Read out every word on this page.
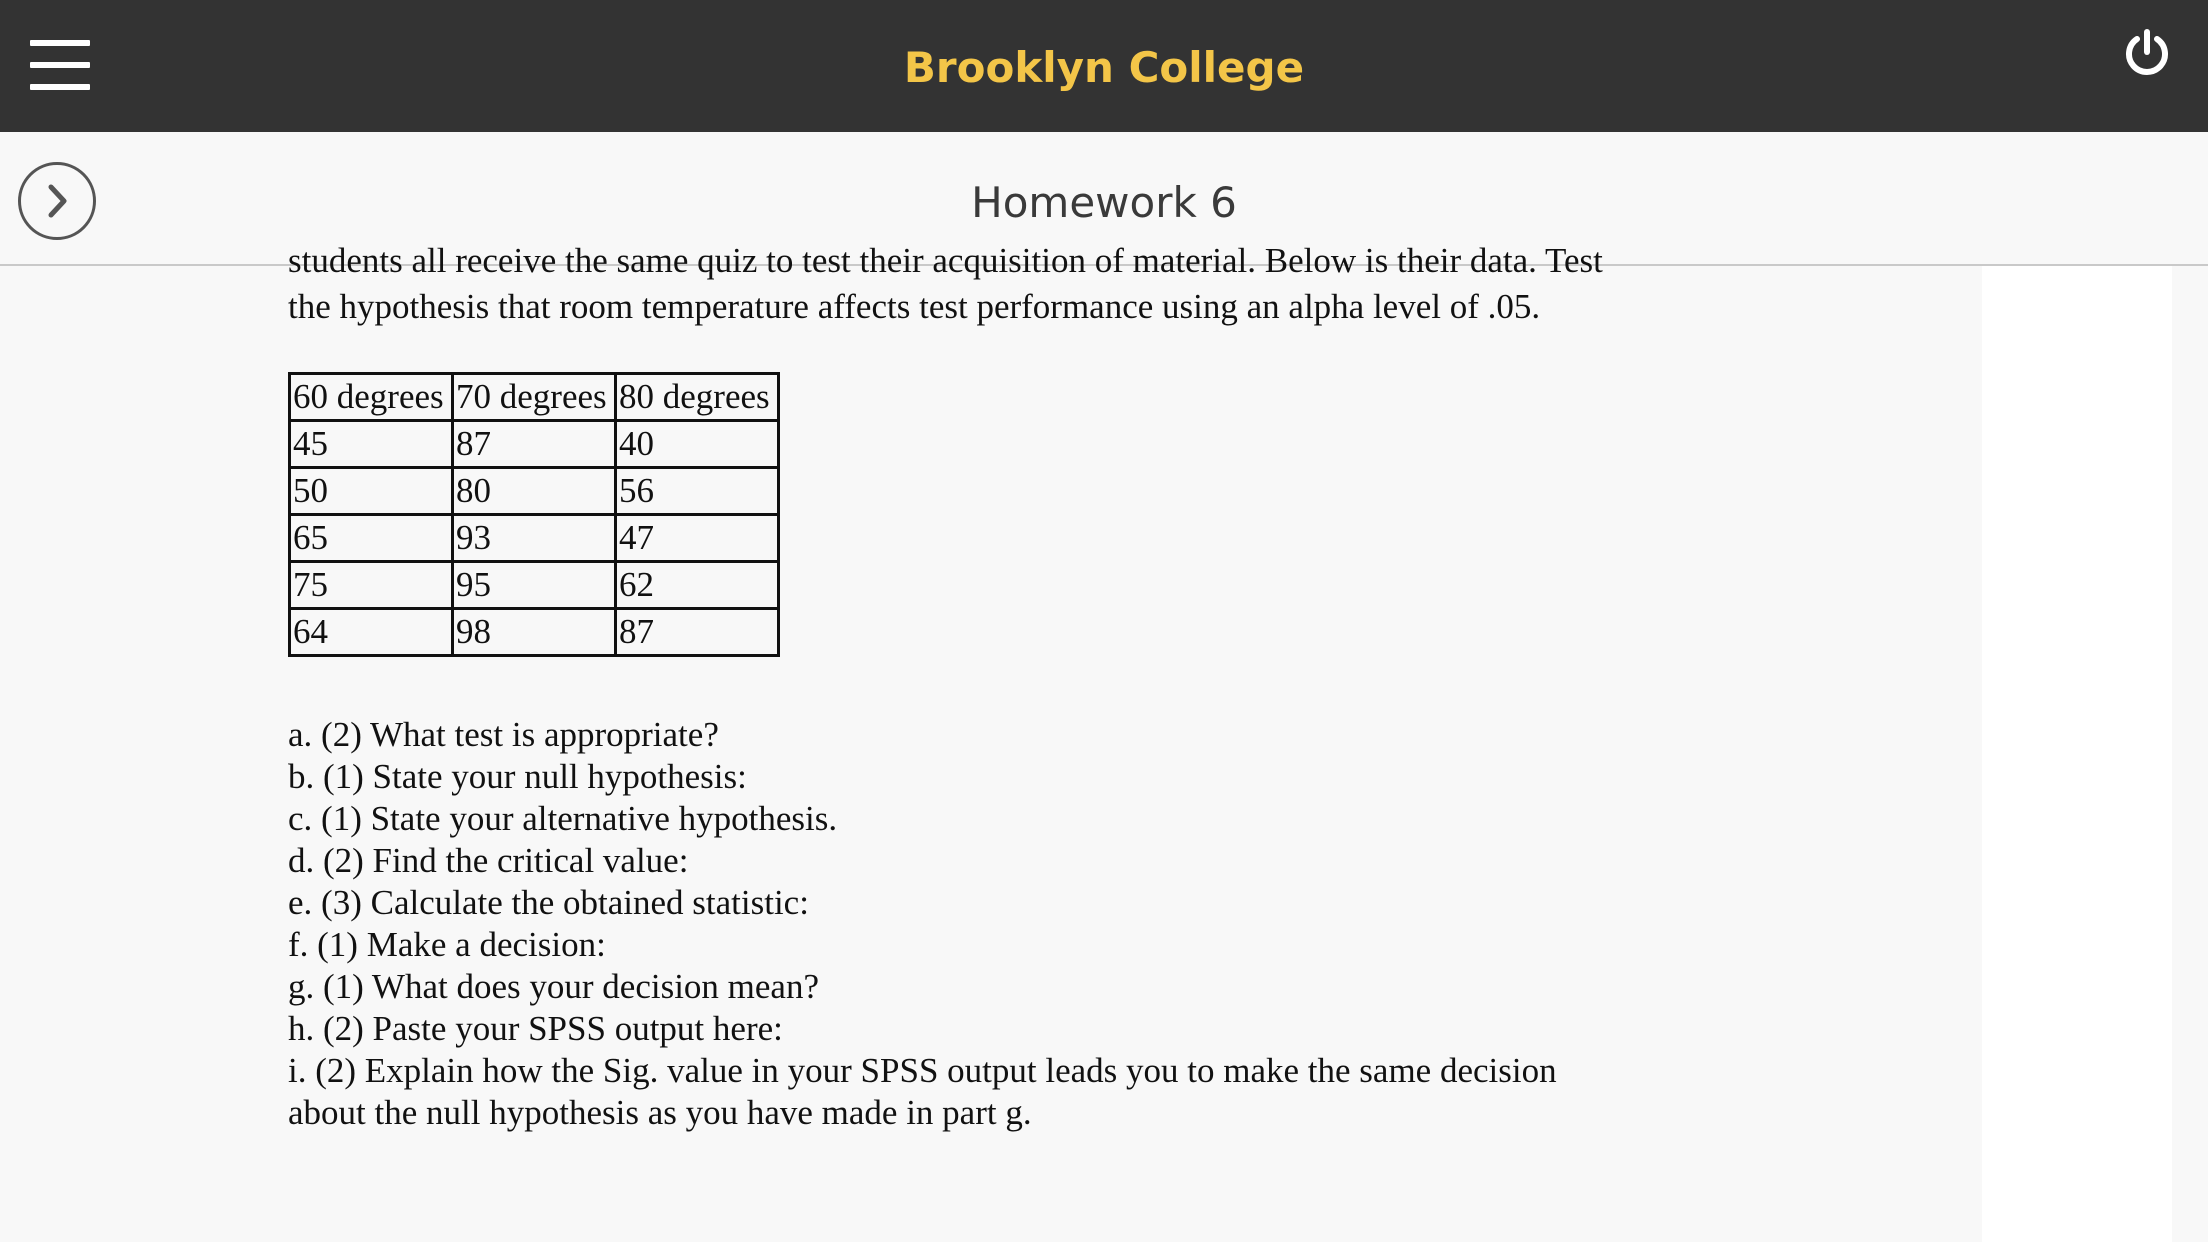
Brooklyn College
Homework 6
students all receive the same quiz to test their acquisition of material. Below is their data. Test
the hypothesis that room temperature affects test performance using an alpha level of .05.
60 degrees	70 degrees	80 degrees
45	87	40
50	80	56
65	93	47
75	95	62
64	98	87
a. (2) What test is appropriate?
b. (1) State your null hypothesis:
c. (1) State your alternative hypothesis.
d. (2) Find the critical value:
e. (3) Calculate the obtained statistic:
f. (1) Make a decision:
g. (1) What does your decision mean?
h. (2) Paste your SPSS output here:
i. (2) Explain how the Sig. value in your SPSS output leads you to make the same decision
about the null hypothesis as you have made in part g.
